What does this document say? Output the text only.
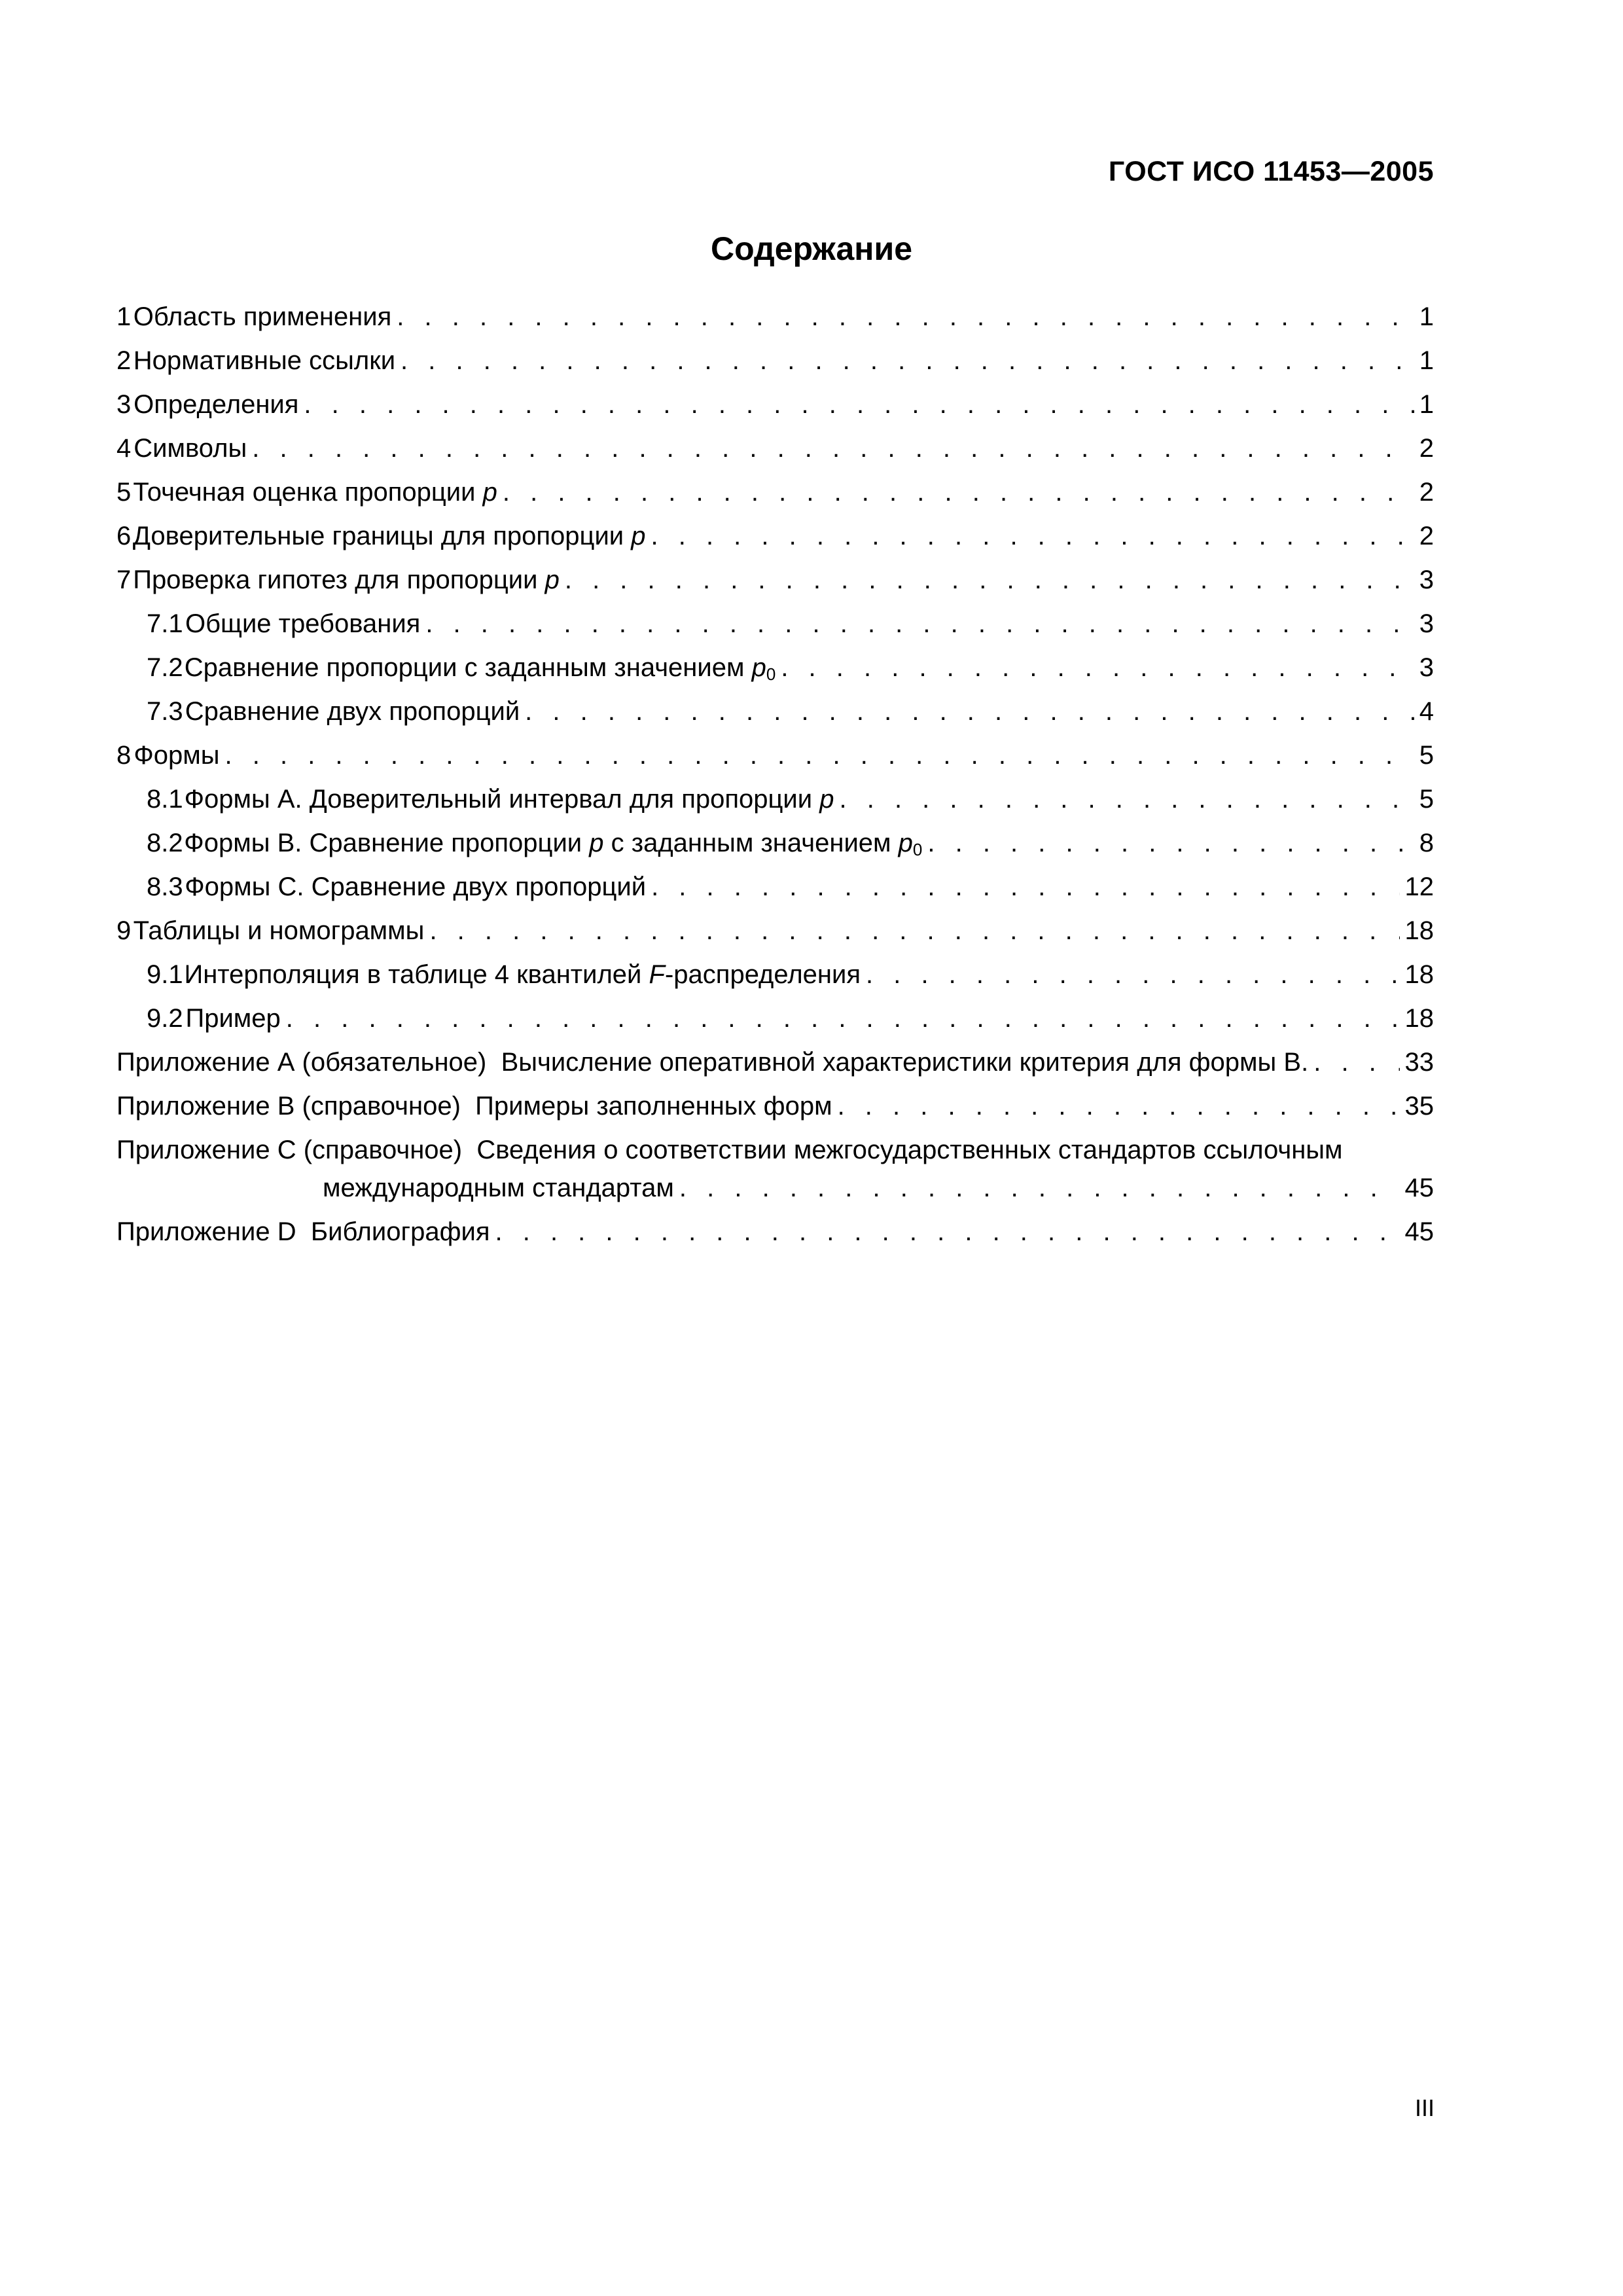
ГОСТ ИСО 11453—2005
Содержание
1 Область применения . . .	1
2 Нормативные ссылки . . .	1
3 Определения . . .	1
4 Символы . . .	2
5 Точечная оценка пропорции p . . .	2
6 Доверительные границы для пропорции p . . .	2
7 Проверка гипотез для пропорции p . . .	3
7.1 Общие требования . . .	3
7.2 Сравнение пропорции с заданным значением $p_0$ . . .	3
7.3 Сравнение двух пропорций . . .	4
8 Формы . . .	5
8.1 Формы А. Доверительный интервал для пропорции p . . .	5
8.2 Формы В. Сравнение пропорции p с заданным значением $p_0$ . . .	8
8.3 Формы С. Сравнение двух пропорций . . .	12
9 Таблицы и номограммы . . .	18
9.1 Интерполяция в таблице 4 квантилей F-распределения . . .	18
9.2 Пример . . .	18
Приложение А (обязательное) Вычисление оперативной характеристики критерия для формы В. . . .	33
Приложение В (справочное) Примеры заполненных форм . . .	35
Приложение С (справочное)
Сведения о соответствии межгосударственных стандартов ссылочным
международным стандартам . . .	45
Приложение D Библиография . . .	45
III
